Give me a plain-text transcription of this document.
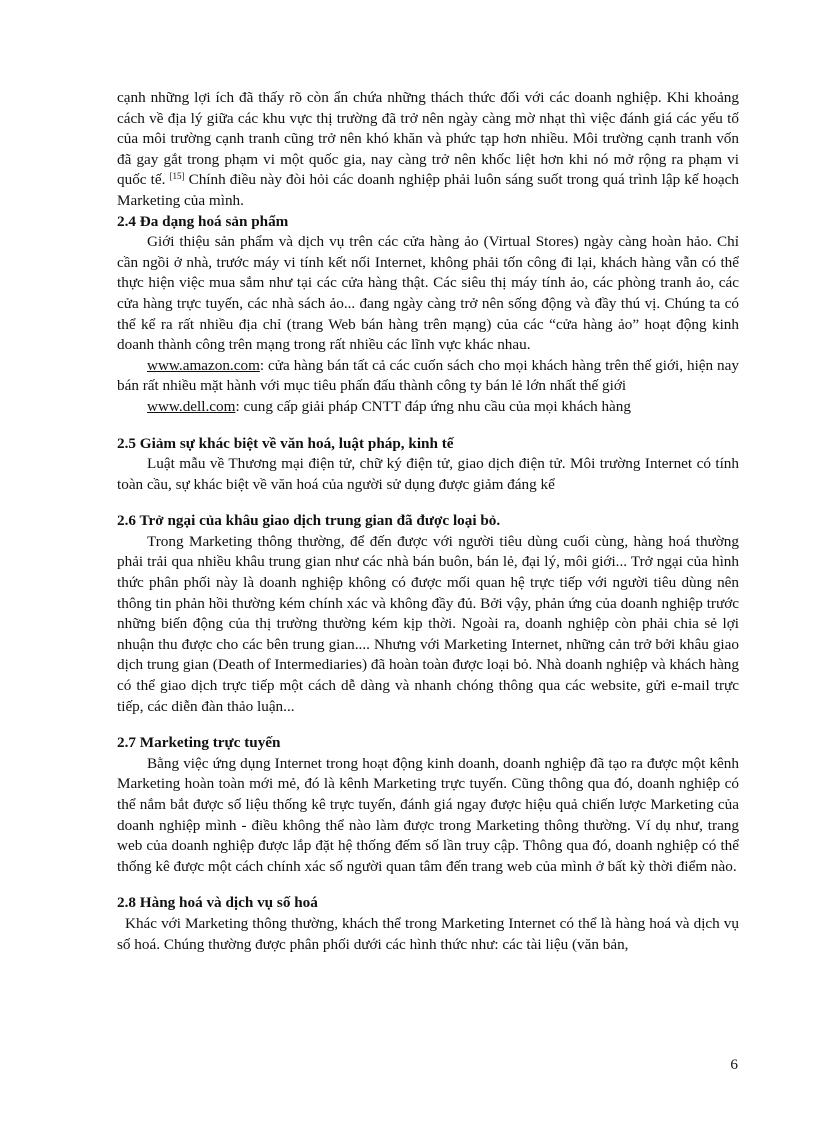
cạnh những lợi ích đã thấy rõ còn ẩn chứa những thách thức đối với các doanh nghiệp. Khi khoảng cách về địa lý giữa các khu vực thị trường đã trở nên ngày càng mờ nhạt thì việc đánh giá các yếu tố của môi trường cạnh tranh cũng trở nên khó khăn và phức tạp hơn nhiều. Môi trường cạnh tranh vốn đã gay gắt trong phạm vi một quốc gia, nay càng trở nên khốc liệt hơn khi nó mở rộng ra phạm vi quốc tế. [15] Chính điều này đòi hỏi các doanh nghiệp phải luôn sáng suốt trong quá trình lập kế hoạch Marketing của mình.

2.4 Đa dạng hoá sản phẩm

Giới thiệu sản phẩm và dịch vụ trên các cửa hàng ảo (Virtual Stores) ngày càng hoàn hảo. Chỉ cần ngồi ở nhà, trước máy vi tính kết nối Internet, không phải tốn công đi lại, khách hàng vẫn có thể thực hiện việc mua sắm như tại các cửa hàng thật. Các siêu thị máy tính ảo, các phòng tranh ảo, các cửa hàng trực tuyến, các nhà sách ảo... đang ngày càng trở nên sống động và đầy thú vị. Chúng ta có thể kể ra rất nhiều địa chỉ (trang Web bán hàng trên mạng) của các “cửa hàng ảo” hoạt động kinh doanh thành công trên mạng trong rất nhiều các lĩnh vực khác nhau.

www.amazon.com: cửa hàng bán tất cả các cuốn sách cho mọi khách hàng trên thế giới, hiện nay bán rất nhiều mặt hành với mục tiêu phấn đấu thành công ty bán lẻ lớn nhất thế giới

www.dell.com: cung cấp giải pháp CNTT đáp ứng nhu cầu của mọi khách hàng

2.5 Giảm sự khác biệt về văn hoá, luật pháp, kinh tế

Luật mẫu về Thương mại điện tử, chữ ký điện tử, giao dịch điện tử. Môi trường Internet có tính toàn cầu, sự khác biệt về văn hoá của người sử dụng được giảm đáng kể

2.6 Trở ngại của khâu giao dịch trung gian đã được loại bỏ.

Trong Marketing thông thường, để đến được với người tiêu dùng cuối cùng, hàng hoá thường phải trải qua nhiều khâu trung gian như các nhà bán buôn, bán lẻ, đại lý, môi giới... Trở ngại của hình thức phân phối này là doanh nghiệp không có được mối quan hệ trực tiếp với người tiêu dùng nên thông tin phản hồi thường kém chính xác và không đầy đủ. Bởi vậy, phản ứng của doanh nghiệp trước những biến động của thị trường thường kém kịp thời. Ngoài ra, doanh nghiệp còn phải chia sẻ lợi nhuận thu được cho các bên trung gian.... Nhưng với Marketing Internet, những cản trở bởi khâu giao dịch trung gian (Death of Intermediaries) đã hoàn toàn được loại bỏ. Nhà doanh nghiệp và khách hàng có thể giao dịch trực tiếp một cách dễ dàng và nhanh chóng thông qua các website, gửi e-mail trực tiếp, các diễn đàn thảo luận...

2.7 Marketing trực tuyến

Bằng việc ứng dụng Internet trong hoạt động kinh doanh, doanh nghiệp đã tạo ra được một kênh Marketing hoàn toàn mới mẻ, đó là kênh Marketing trực tuyến. Cũng thông qua đó, doanh nghiệp có thể nắm bắt được số liệu thống kê trực tuyến, đánh giá ngay được hiệu quả chiến lược Marketing của doanh nghiệp mình - điều không thể nào làm được trong Marketing thông thường. Ví dụ như, trang web của doanh nghiệp được lắp đặt hệ thống đếm số lần truy cập. Thông qua đó, doanh nghiệp có thể thống kê được một cách chính xác số người quan tâm đến trang web của mình ở bất kỳ thời điểm nào.

2.8 Hàng hoá và dịch vụ số hoá

Khác với Marketing thông thường, khách thể trong Marketing Internet có thể là hàng hoá và dịch vụ số hoá. Chúng thường được phân phối dưới các hình thức như: các tài liệu (văn bản,

6
